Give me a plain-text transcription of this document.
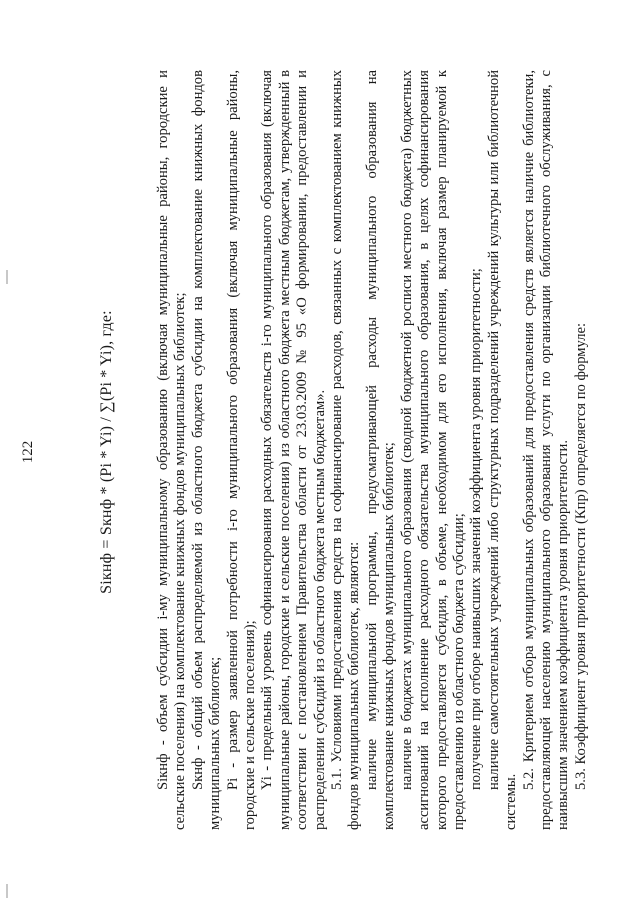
122	Siкнф = Sкнф * (Pi * Yi) / ∑(Pi * Yi), где:	Siкнф - объем субсидии i-му муниципальному образованию (включая муниципальные районы, городские и сельские поселения) на комплектование книжных фондов муниципальных библиотек; Sкнф - общий объем распределяемой из областного бюджета субсидии на комплектование книжных фондов муниципальных библиотек; Pi - размер заявленной потребности i-го муниципального образования (включая муниципальные районы, городские и сельские поселения); Yi - предельный уровень софинансирования расходных обязательств i-го муниципального образования (включая муниципальные районы, городские и сельские поселения) из областного бюджета местным бюджетам, утвержденный в соответствии с постановлением Правительства области от 23.03.2009 № 95 «О формировании, предоставлении и распределении субсидий из областного бюджета местным бюджетам». 5.1. Условиями предоставления средств на софинансирование расходов, связанных с комплектованием книжных фондов муниципальных библиотек, являются: наличие муниципальной программы, предусматривающей расходы муниципального образования на комплектование книжных фондов муниципальных библиотек; наличие в бюджетах муниципального образования (сводной бюджетной росписи местного бюджета) бюджетных ассигнований на исполнение расходного обязательства муниципального образования, в целях софинансирования которого предоставляется субсидия, в объеме, необходимом для его исполнения, включая размер планируемой к предоставлению из областного бюджета субсидии; получение при отборе наивысших значений коэффициента уровня приоритетности; наличие самостоятельных учреждений либо структурных подразделений учреждений культуры или библиотечной системы.

5.2. Критерием отбора муниципальных образований для предоставления средств является наличие библиотеки, предоставляющей населению муниципального образования услуги по организации библиотечного обслуживания, с наивысшим значением коэффициента уровня приоритетности. 5.3. Коэффициент уровня приоритетности (Кпр) определяется по формуле:
